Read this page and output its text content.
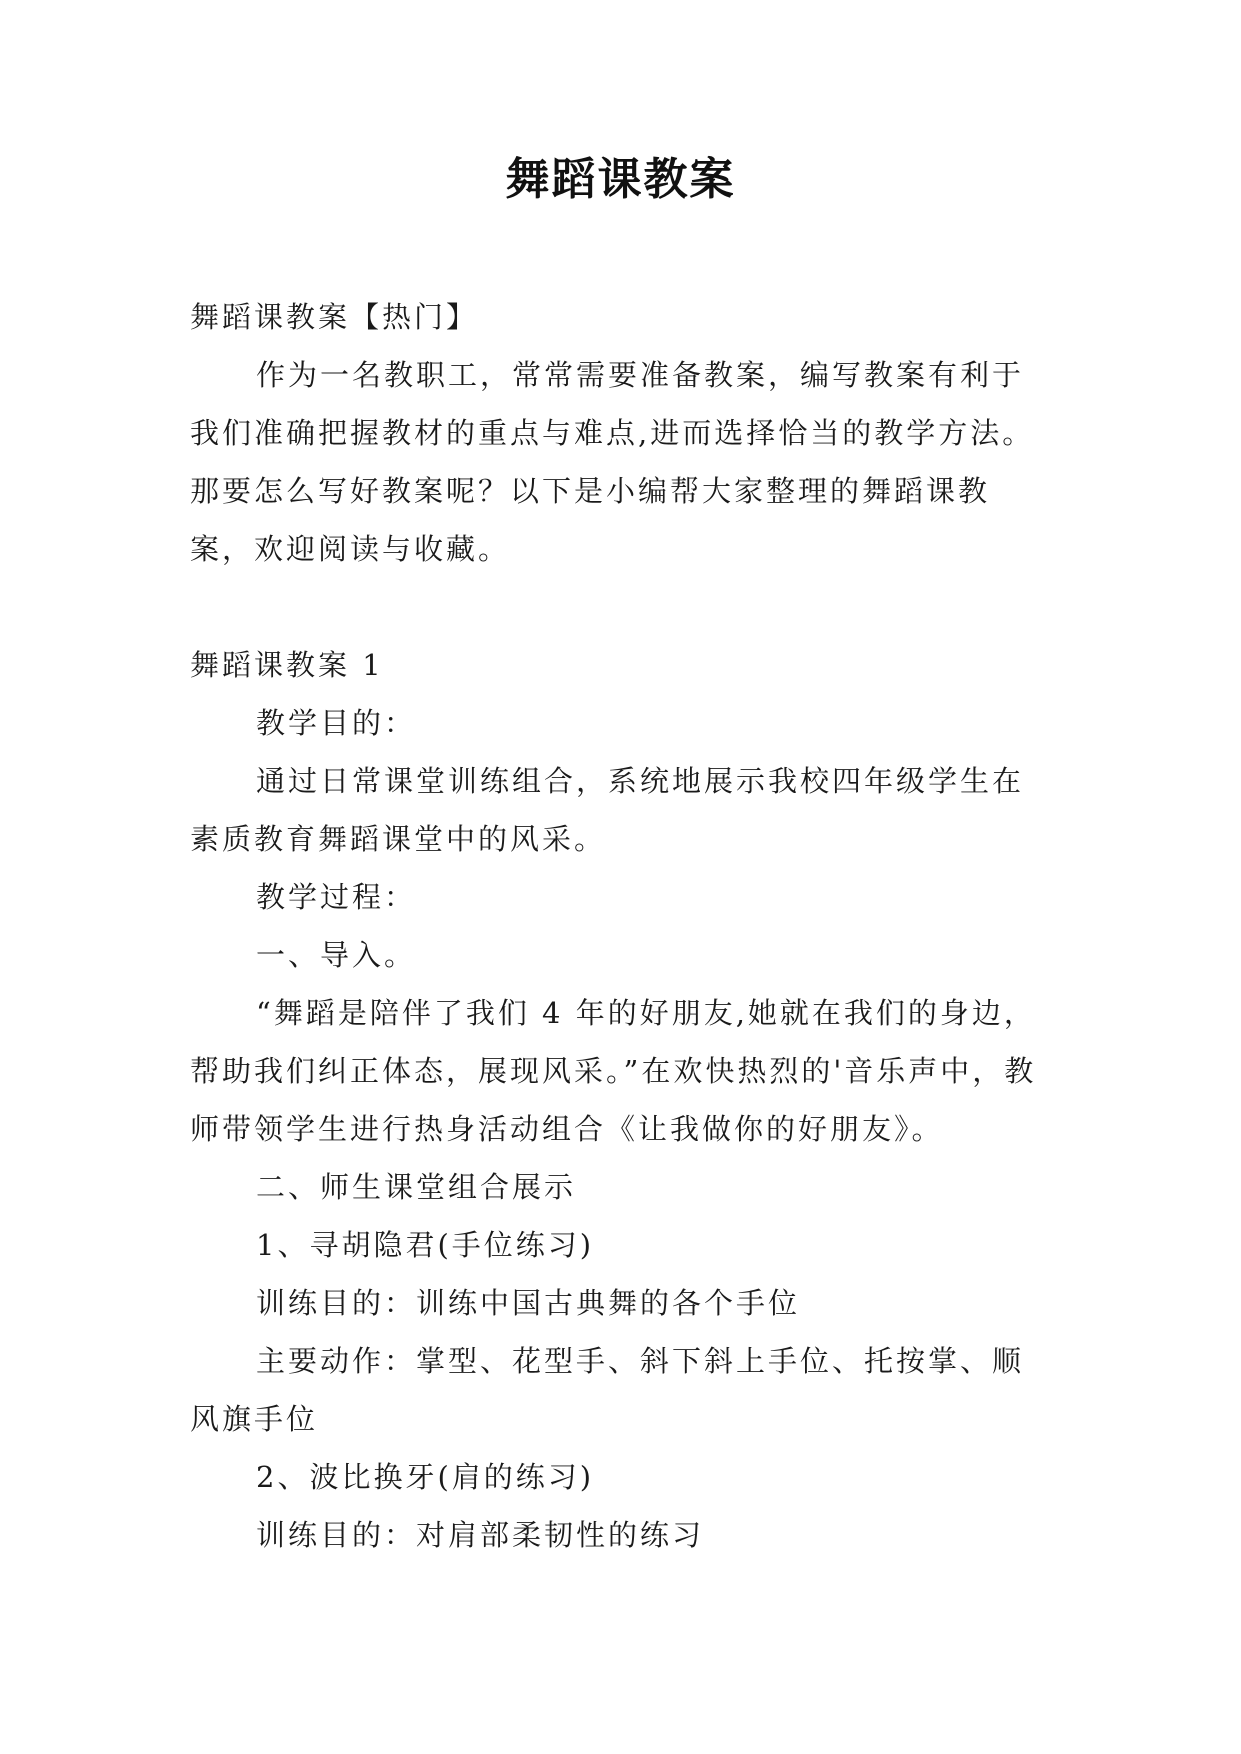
舞蹈课教案

舞蹈课教案【热门】

作为一名教职工，常常需要准备教案，编写教案有利于我们准确把握教材的重点与难点,进而选择恰当的教学方法。那要怎么写好教案呢？以下是小编帮大家整理的舞蹈课教案，欢迎阅读与收藏。

舞蹈课教案 1

教学目的：

通过日常课堂训练组合，系统地展示我校四年级学生在素质教育舞蹈课堂中的风采。

教学过程：

一、导入。

“舞蹈是陪伴了我们 4 年的好朋友,她就在我们的身边，帮助我们纠正体态，展现风采。”在欢快热烈的'音乐声中，教师带领学生进行热身活动组合《让我做你的好朋友》。

二、师生课堂组合展示

1、寻胡隐君(手位练习)

训练目的：训练中国古典舞的各个手位

主要动作：掌型、花型手、斜下斜上手位、托按掌、顺风旗手位

2、波比换牙(肩的练习)

训练目的：对肩部柔韧性的练习
